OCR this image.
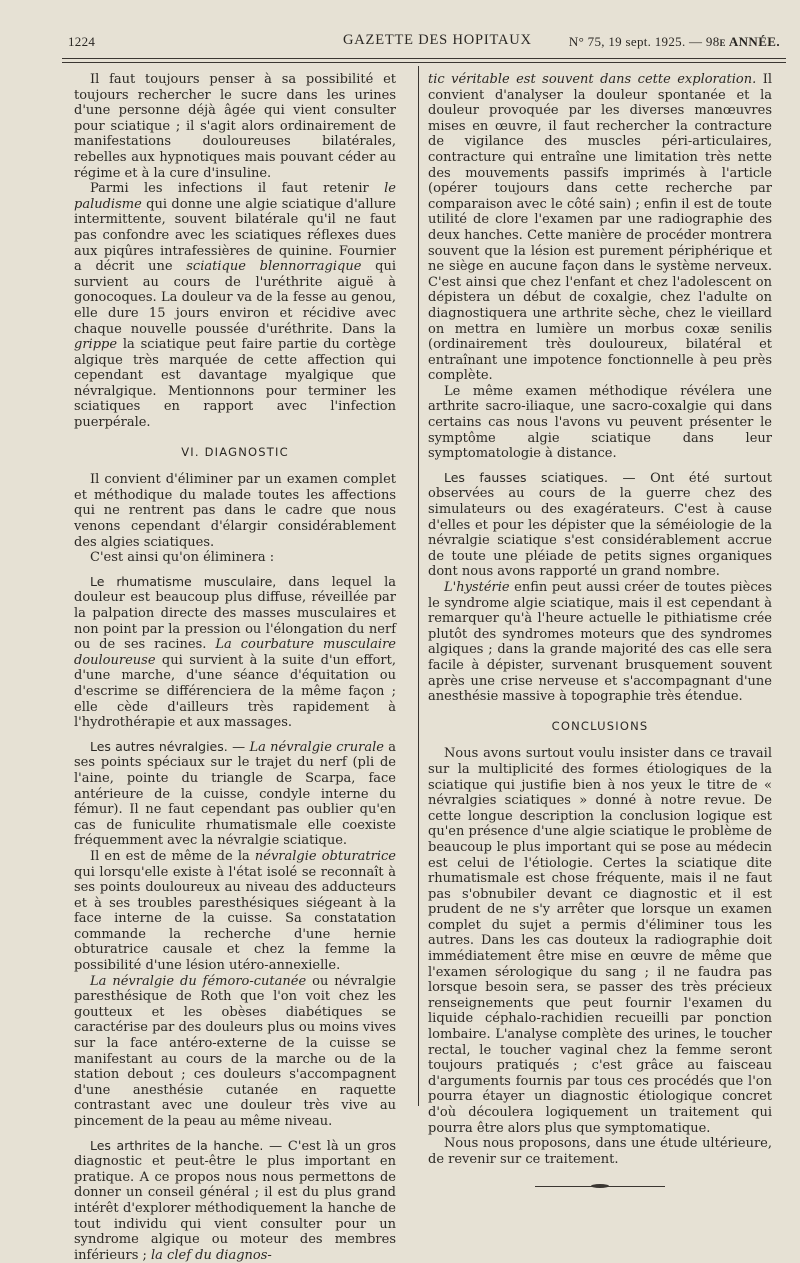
1224	GAZETTE DES HOPITAUX	N° 75, 19 sept. 1925. — 98e ANNÉE.

Il faut toujours penser à sa possibilité et toujours rechercher le sucre dans les urines d'une personne déjà âgée qui vient consulter pour sciatique ; il s'agit alors ordinairement de manifestations douloureuses bilatérales, rebelles aux hypnotiques mais pouvant céder au régime et à la cure d'insuline.

Parmi les infections il faut retenir le paludisme qui donne une algie sciatique d'allure intermittente, souvent bilatérale qu'il ne faut pas confondre avec les sciatiques réflexes dues aux piqûres intrafessières de quinine. Fournier a décrit une sciatique blennorragique qui survient au cours de l'uréthrite aiguë à gonocoques. La douleur va de la fesse au genou, elle dure 15 jours environ et récidive avec chaque nouvelle poussée d'uréthrite. Dans la grippe la sciatique peut faire partie du cortège algique très marquée de cette affection qui cependant est davantage myalgique que névralgique. Mentionnons pour terminer les sciatiques en rapport avec l'infection puerpérale.

VI. DIAGNOSTIC

Il convient d'éliminer par un examen complet et méthodique du malade toutes les affections qui ne rentrent pas dans le cadre que nous venons cependant d'élargir considérablement des algies sciatiques.

C'est ainsi qu'on éliminera :

Le rhumatisme musculaire, dans lequel la douleur est beaucoup plus diffuse, réveillée par la palpation directe des masses musculaires et non point par la pression ou l'élongation du nerf ou de ses racines. La courbature musculaire douloureuse qui survient à la suite d'un effort, d'une marche, d'une séance d'équitation ou d'escrime se différenciera de la même façon ; elle cède d'ailleurs très rapidement à l'hydrothérapie et aux massages.

Les autres névralgies. — La névralgie crurale a ses points spéciaux sur le trajet du nerf (pli de l'aine, pointe du triangle de Scarpa, face antérieure de la cuisse, condyle interne du fémur). Il ne faut cependant pas oublier qu'en cas de funiculite rhumatismale elle coexiste fréquemment avec la névralgie sciatique.

Il en est de même de la névralgie obturatrice qui lorsqu'elle existe à l'état isolé se reconnaît à ses points douloureux au niveau des adducteurs et à ses troubles paresthésiques siégeant à la face interne de la cuisse. Sa constatation commande la recherche d'une hernie obturatrice causale et chez la femme la possibilité d'une lésion utéro-annexielle.

La névralgie du fémoro-cutanée ou névralgie paresthésique de Roth que l'on voit chez les goutteux et les obèses diabétiques se caractérise par des douleurs plus ou moins vives sur la face antéro-externe de la cuisse se manifestant au cours de la marche ou de la station debout ; ces douleurs s'accompagnent d'une anesthésie cutanée en raquette contrastant avec une douleur très vive au pincement de la peau au même niveau.

Les arthrites de la hanche. — C'est là un gros diagnostic et peut-être le plus important en pratique. A ce propos nous nous permettons de donner un conseil général ; il est du plus grand intérêt d'explorer méthodiquement la hanche de tout individu qui vient consulter pour un syndrome algique ou moteur des membres inférieurs ; la clef du diagnos-

tic véritable est souvent dans cette exploration. Il convient d'analyser la douleur spontanée et la douleur provoquée par les diverses manœuvres mises en œuvre, il faut rechercher la contracture de vigilance des muscles péri-articulaires, contracture qui entraîne une limitation très nette des mouvements passifs imprimés à l'article (opérer toujours dans cette recherche par comparaison avec le côté sain) ; enfin il est de toute utilité de clore l'examen par une radiographie des deux hanches. Cette manière de procéder montrera souvent que la lésion est purement périphérique et ne siège en aucune façon dans le système nerveux. C'est ainsi que chez l'enfant et chez l'adolescent on dépistera un début de coxalgie, chez l'adulte on diagnostiquera une arthrite sèche, chez le vieillard on mettra en lumière un morbus coxæ senilis (ordinairement très douloureux, bilatéral et entraînant une impotence fonctionnelle à peu près complète.

Le même examen méthodique révélera une arthrite sacro-iliaque, une sacro-coxalgie qui dans certains cas nous l'avons vu peuvent présenter le symptôme algie sciatique dans leur symptomatologie à distance.

Les fausses sciatiques. — Ont été surtout observées au cours de la guerre chez des simulateurs ou des exagérateurs. C'est à cause d'elles et pour les dépister que la séméiologie de la névralgie sciatique s'est considérablement accrue de toute une pléiade de petits signes organiques dont nous avons rapporté un grand nombre.

L'hystérie enfin peut aussi créer de toutes pièces le syndrome algie sciatique, mais il est cependant à remarquer qu'à l'heure actuelle le pithiatisme crée plutôt des syndromes moteurs que des syndromes algiques ; dans la grande majorité des cas elle sera facile à dépister, survenant brusquement souvent après une crise nerveuse et s'accompagnant d'une anesthésie massive à topographie très étendue.

CONCLUSIONS

Nous avons surtout voulu insister dans ce travail sur la multiplicité des formes étiologiques de la sciatique qui justifie bien à nos yeux le titre de « névralgies sciatiques » donné à notre revue. De cette longue description la conclusion logique est qu'en présence d'une algie sciatique le problème de beaucoup le plus important qui se pose au médecin est celui de l'étiologie. Certes la sciatique dite rhumatismale est chose fréquente, mais il ne faut pas s'obnubiler devant ce diagnostic et il est prudent de ne s'y arrêter que lorsque un examen complet du sujet a permis d'éliminer tous les autres. Dans les cas douteux la radiographie doit immédiatement être mise en œuvre de même que l'examen sérologique du sang ; il ne faudra pas lorsque besoin sera, se passer des très précieux renseignements que peut fournir l'examen du liquide céphalo-rachidien recueilli par ponction lombaire. L'analyse complète des urines, le toucher rectal, le toucher vaginal chez la femme seront toujours pratiqués ; c'est grâce au faisceau d'arguments fournis par tous ces procédés que l'on pourra étayer un diagnostic étiologique concret d'où découlera logiquement un traitement qui pourra être alors plus que symptomatique.

Nous nous proposons, dans une étude ultérieure, de revenir sur ce traitement.
